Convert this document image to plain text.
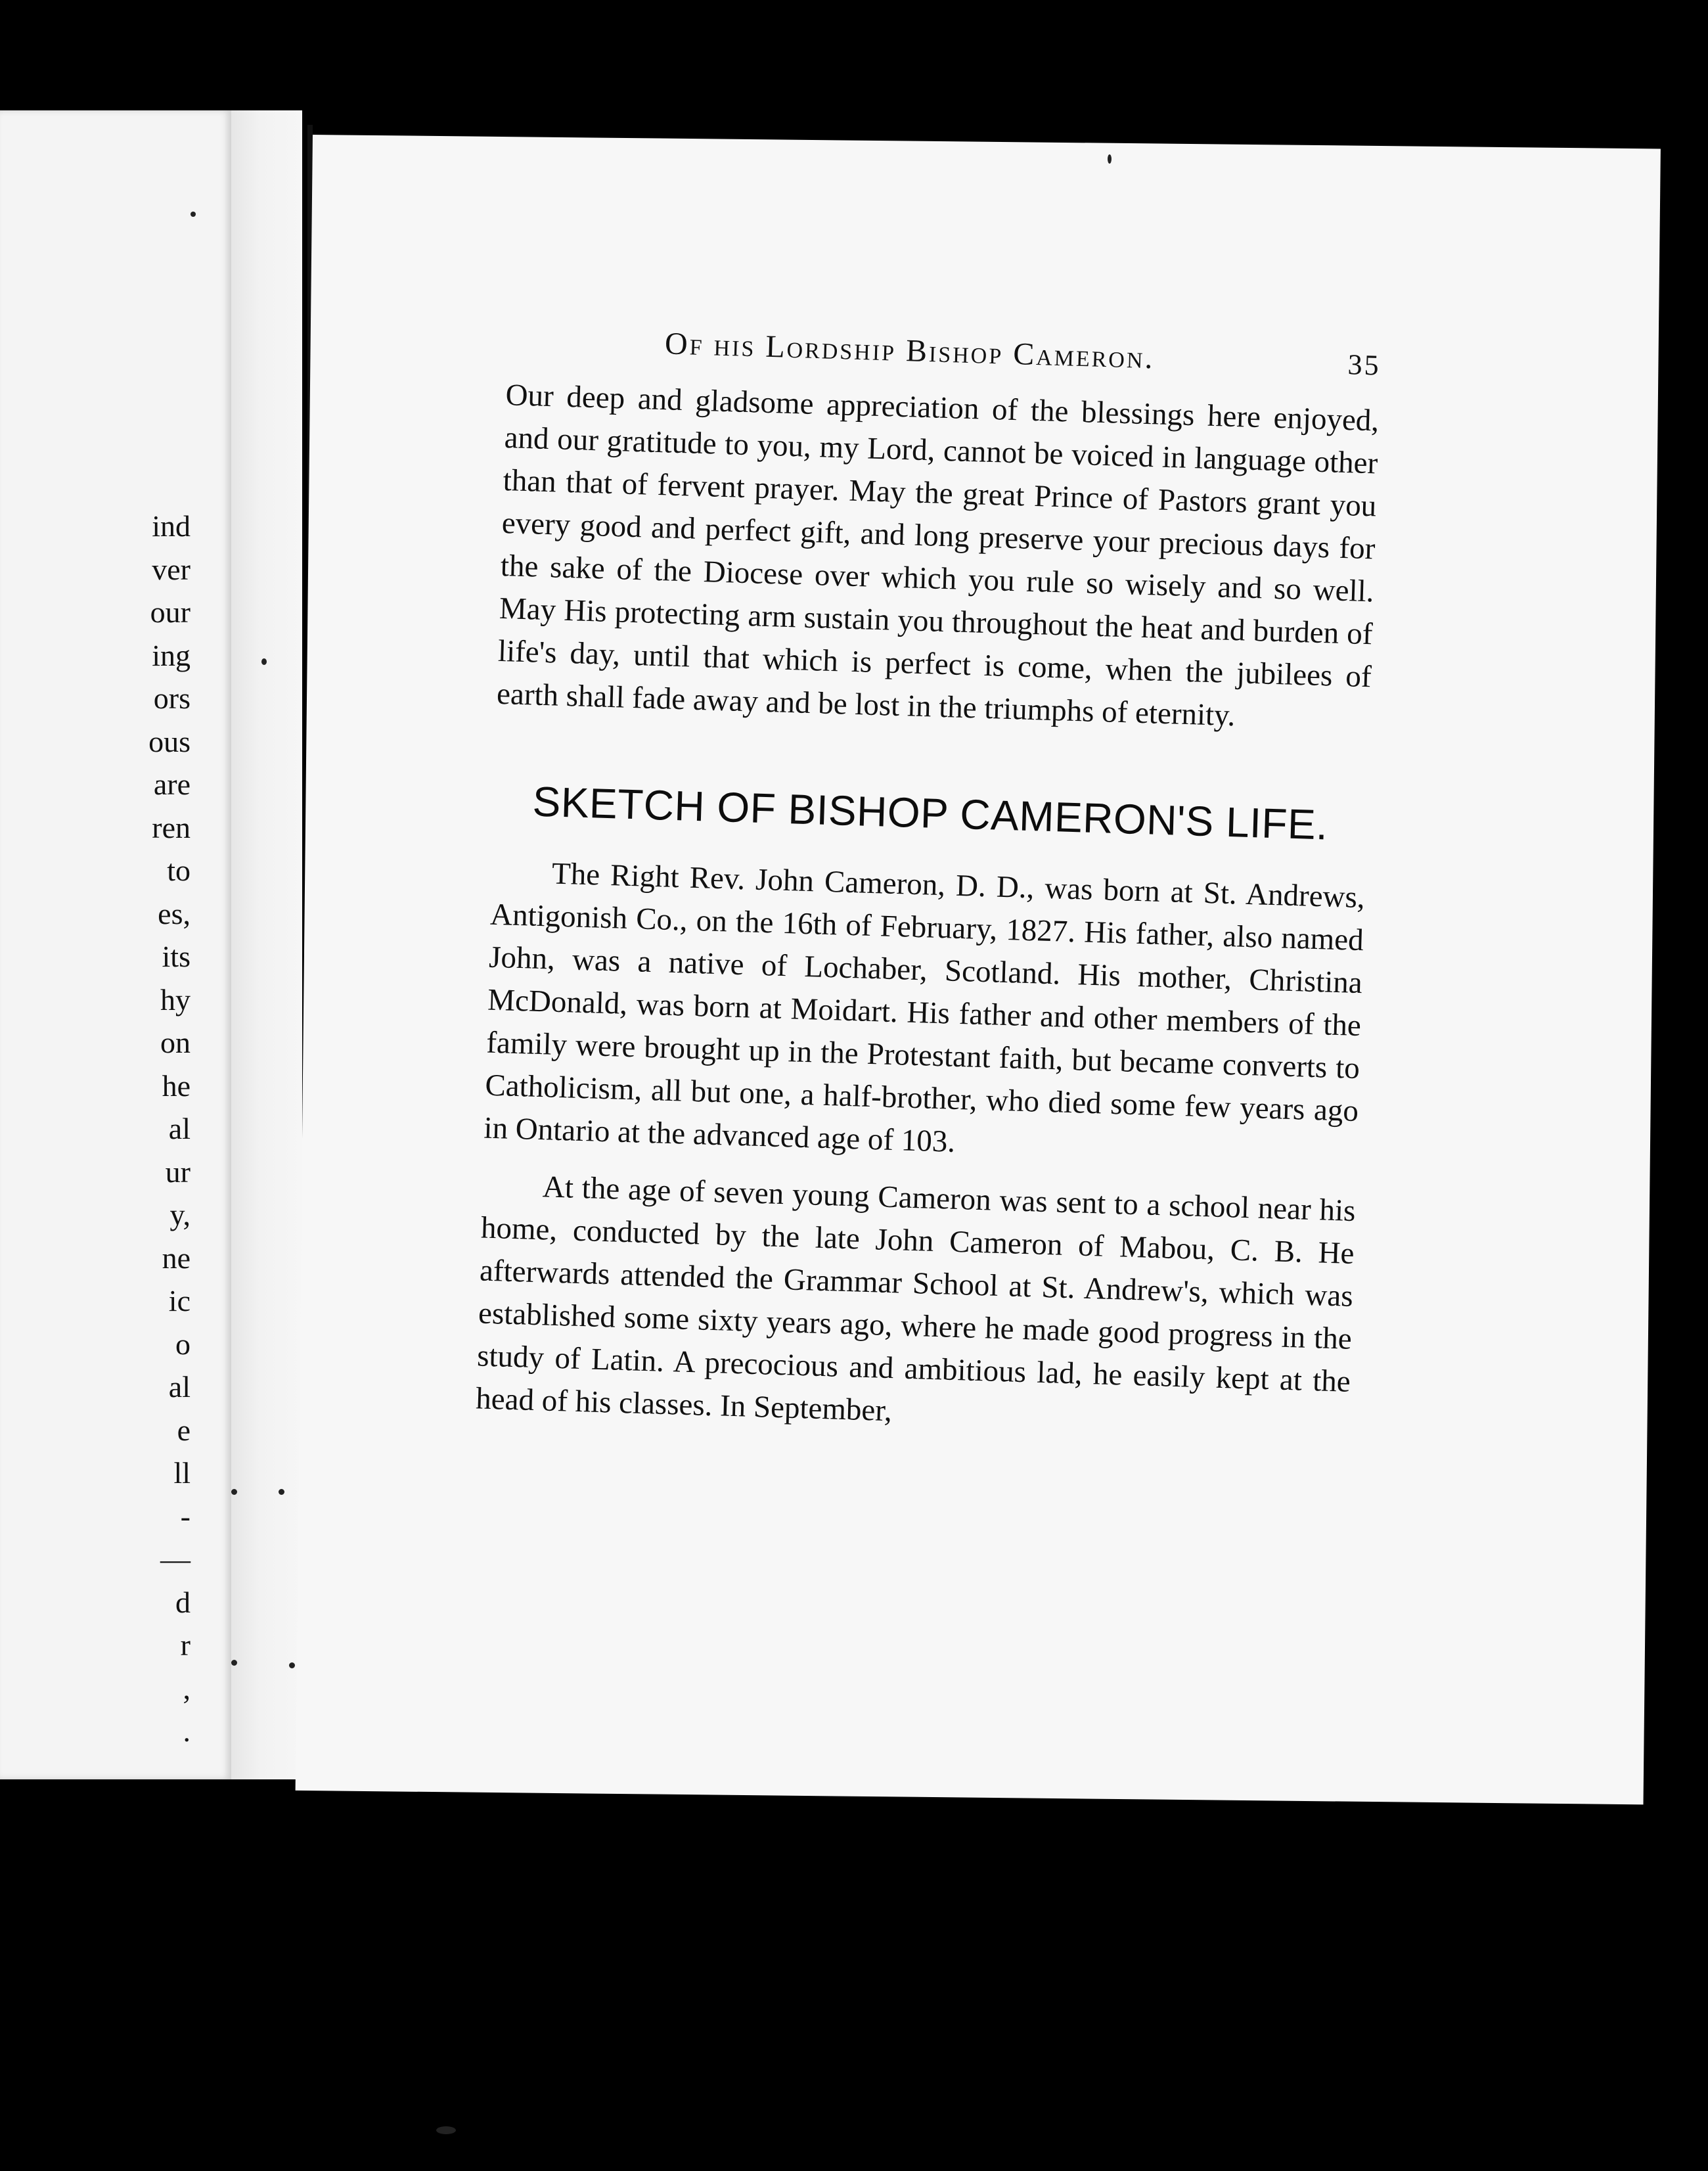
ind
ver
our
ing
ors
ous
are
ren
to
es,
its
hy
on
he
al
ur
y,
ne
ic
o
al
e
ll
-
—
d
r
,
.
Of his Lordship Bishop Cameron.	35

Our deep and gladsome appreciation of the blessings here enjoyed, and our gratitude to you, my Lord, cannot be voiced in language other than that of fervent prayer. May the great Prince of Pastors grant you every good and perfect gift, and long preserve your precious days for the sake of the Diocese over which you rule so wisely and so well. May His protecting arm sustain you throughout the heat and burden of life's day, until that which is perfect is come, when the jubilees of earth shall fade away and be lost in the triumphs of eternity.

SKETCH OF BISHOP CAMERON'S LIFE.

The Right Rev. John Cameron, D. D., was born at St. Andrews, Antigonish Co., on the 16th of February, 1827. His father, also named John, was a native of Lochaber, Scotland. His mother, Christina McDonald, was born at Moidart. His father and other members of the family were brought up in the Protestant faith, but became converts to Catholicism, all but one, a half-brother, who died some few years ago in Ontario at the advanced age of 103.

At the age of seven young Cameron was sent to a school near his home, conducted by the late John Cameron of Mabou, C. B. He afterwards attended the Grammar School at St. Andrew's, which was established some sixty years ago, where he made good progress in the study of Latin. A precocious and ambitious lad, he easily kept at the head of his classes. In September,
